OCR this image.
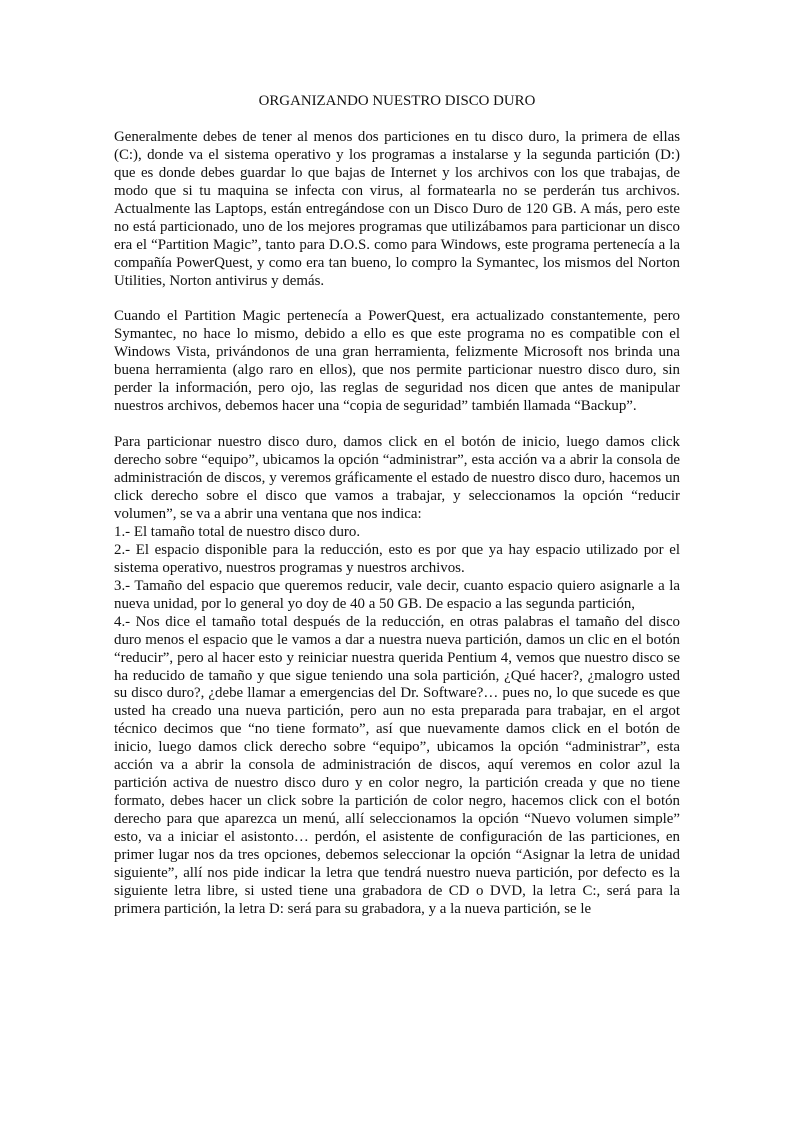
ORGANIZANDO NUESTRO DISCO DURO

Generalmente debes de tener al menos dos particiones en tu disco duro, la primera de ellas (C:), donde va el sistema operativo y los programas a instalarse y la segunda partición (D:) que es donde debes guardar lo que bajas de Internet y los archivos con los que trabajas, de modo que si tu maquina se infecta con virus, al formatearla no se perderán tus archivos. Actualmente las Laptops, están entregándose con un Disco Duro de 120 GB. A más, pero este no está particionado, uno de los mejores programas que utilizábamos para particionar un disco era el “Partition Magic”, tanto para D.O.S. como para Windows, este programa pertenecía a la compañía PowerQuest, y como era tan bueno, lo compro la Symantec, los mismos del Norton Utilities, Norton antivirus y demás.

Cuando el Partition Magic pertenecía a PowerQuest, era actualizado constantemente, pero Symantec, no hace lo mismo, debido a ello es que este programa no es compatible con el Windows Vista, privándonos de una gran herramienta, felizmente Microsoft nos brinda una buena herramienta (algo raro en ellos), que nos permite particionar nuestro disco duro, sin perder la información, pero ojo, las reglas de seguridad nos dicen que antes de manipular nuestros archivos, debemos hacer una “copia de seguridad” también llamada “Backup”.

Para particionar nuestro disco duro, damos click en el botón de inicio, luego damos click derecho sobre “equipo”, ubicamos la opción “administrar”, esta acción va a abrir la consola de administración de discos, y veremos gráficamente el estado de nuestro disco duro, hacemos un click derecho sobre el disco que vamos a trabajar, y seleccionamos la opción “reducir volumen”, se va a abrir una ventana que nos indica:

1.- El tamaño total de nuestro disco duro.
2.- El espacio disponible para la reducción, esto es por que ya hay espacio utilizado por el sistema operativo, nuestros programas y nuestros archivos.
3.- Tamaño del espacio que queremos reducir, vale decir, cuanto espacio quiero asignarle a la nueva unidad, por lo general yo doy de 40 a 50 GB. De espacio a las segunda partición,
4.- Nos dice el tamaño total después de la reducción, en otras palabras el tamaño del disco duro menos el espacio que le vamos a dar a nuestra nueva partición, damos un clic en el botón “reducir”, pero al hacer esto y reiniciar nuestra querida Pentium 4, vemos que nuestro disco se ha reducido de tamaño y que sigue teniendo una sola partición, ¿Qué hacer?, ¿malogro usted su disco duro?, ¿debe llamar a emergencias del Dr. Software?… pues no, lo que sucede es que usted ha creado una nueva partición, pero aun no esta preparada para trabajar, en el argot técnico decimos que “no tiene formato”, así que nuevamente damos click en el botón de inicio, luego damos click derecho sobre “equipo”, ubicamos la opción “administrar”, esta acción va a abrir la consola de administración de discos, aquí veremos en color azul la partición activa de nuestro disco duro y en color negro, la partición creada y que no tiene formato, debes hacer un click sobre la partición de color negro, hacemos click con el botón derecho para que aparezca un menú, allí seleccionamos la opción “Nuevo volumen simple” esto, va a iniciar el asistonto… perdón, el asistente de configuración de las particiones, en primer lugar nos da tres opciones, debemos seleccionar la opción “Asignar la letra de unidad siguiente”, allí nos pide indicar la letra que tendrá nuestro nueva partición, por defecto es la siguiente letra libre, si usted tiene una grabadora de CD o DVD, la letra C:, será para la primera partición, la letra D: será para su grabadora, y a la nueva partición, se le
